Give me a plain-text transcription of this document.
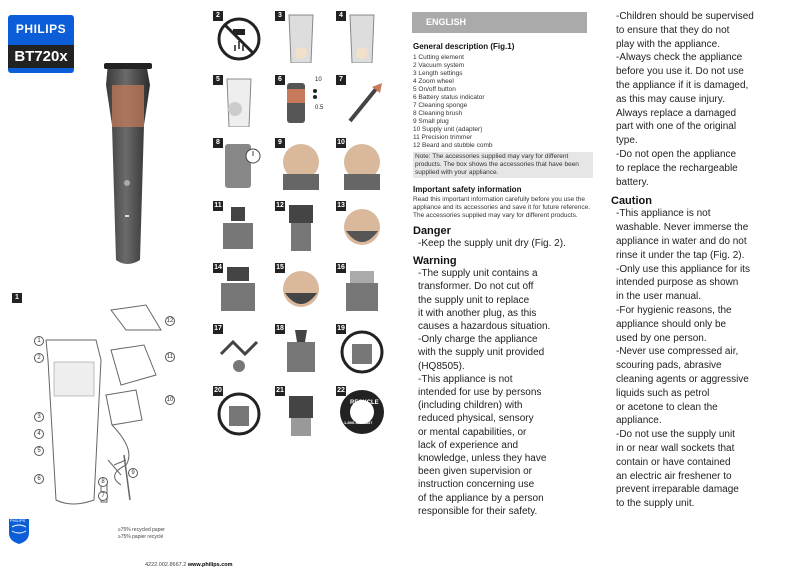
PHILIPS
BT720x
1
1
2
3
4
5
6
7
8
9
10
11
12
PHILIPS
≥75% recycled paper
≥75% papier recyclé
4222.002.8667.2 www.philips.com
2	3	4
5	6	10
0.5
7
8	9	10
11	12	13
14	15	16
17	18	19
20	21	22
RECYCLE
1-800-822-8837
ENGLISH
General description (Fig.1)
1 Cutting element
2 Vacuum system
3 Length settings
4 Zoom wheel
5 On/off button
6 Battery status indicator
7 Cleaning sponge
8 Cleaning brush
9 Small plug
10 Supply unit (adapter)
11 Precision trimmer
12 Beard and stubble comb
Note: The accessories supplied may vary for different products. The box shows the accessories that have been supplied with your appliance.
Important safety information
Read this important information carefully before you use the appliance and its accessories and save it for future reference. The accessories supplied may vary for different products.
Danger

-Keep the supply unit dry (Fig. 2).

Warning

-The supply unit contains a

transformer. Do not cut off

the supply unit to replace

it with another plug, as this

causes a hazardous situation.

-Only charge the appliance

with the supply unit provided

(HQ8505).

-This appliance is not

intended for use by persons

(including children) with

reduced physical, sensory

or mental capabilities, or

lack of experience and

knowledge, unless they have

been given supervision or

instruction concerning use

of the appliance by a person

responsible for their safety.

-Children should be supervised

to ensure that they do not

play with the appliance.

-Always check the appliance

before you use it. Do not use

the appliance if it is damaged,

as this may cause injury.

Always replace a damaged

part with one of the original

type.

-Do not open the appliance

to replace the rechargeable

battery.

Caution

-This appliance is not

washable. Never immerse the

appliance in water and do not

rinse it under the tap (Fig. 2).

-Only use this appliance for its

intended purpose as shown

in the user manual.

-For hygienic reasons, the

appliance should only be

used by one person.

-Never use compressed air,

scouring pads, abrasive

cleaning agents or aggressive

liquids such as petrol

or acetone to clean the

appliance.

-Do not use the supply unit

in or near wall sockets that

contain or have contained

an electric air freshener to

prevent irreparable damage

to the supply unit.
